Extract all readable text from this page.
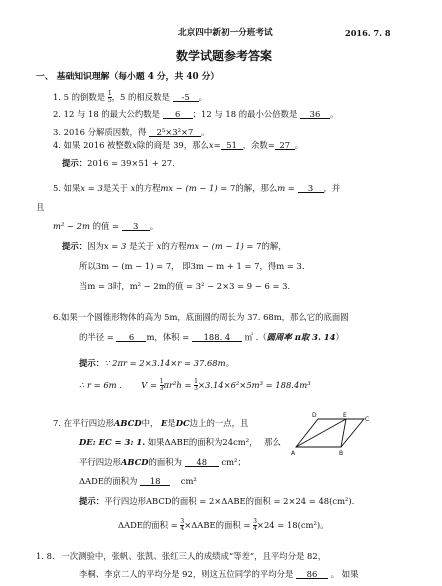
北京四中新初一分班考试	2016. 7. 8
数学试题参考答案
一、 基础知识理解（每小题 4 分，共 40 分）
1. 5 的倒数是 $\frac{1}{5}$ ，5 的相反数是 -5 。
2. 12 与 18 的最大公约数是 6 ；12 与 18 的最小公倍数是 36 。
3. 2016 分解质因数，得 2⁵×3²×7 。
4. 如果 2016 被整数x除的商是 39，那么x= 51 ，余数= 27 。
提示：2016 = 39×51 + 27.
5. 如果x = 3是关于 x的方程mx − (m − 1) = 7的解，那么m = 3 ，并
且
m² − 2m 的值 = 3 。
提示：因为x = 3 是关于 x的方程mx − (m − 1) = 7的解，
所以3m − (m − 1) = 7， 即3m − m + 1 = 7，得m = 3.
当m = 3时，m² − 2m的值 = 3² − 2×3 = 9 − 6 = 3.
6.如果一个圆锥形物体的高为 5m，底面圆的周长为 37. 68m，那么它的底面圆
的半径 = 6 m，体积 = 188. 4 ㎡ .（圆周率 π取 3. 14）
提示：∵ 2πr = 2×3.14×r = 37.68m。
∴ r = 6m . $V = \frac{1}{3} \pi r^2h = \frac{1}{3} \times 3.14\times 6^2\times 5m^3 = 188.4m^3$
7. 在平行四边形ABCD中， E是DC边上的一点，且
DE: EC = 3: 1. 如果ΔABE的面积为24cm²， 那么
平行四边形ABCD的面积为 48 cm²；
ΔADE的面积为 18 cm²
提示：平行四边形ABCD的面积 = 2×ΔABE的面积 = 2×24 = 48(cm²).
ΔADE的面积 = $\frac{3}{4} \times\Delta ABE$的面积 = $\frac{3}{4} \times 24 = 18(cm^2)$。
D	E
C
A	B
1. 8. 一次测验中，张帆、张凯、张红三人的成绩成“等差”，且平均分是 82，
李桐、李京二人的平均分是 92，则这五位同学的平均分是 86 。 如果
